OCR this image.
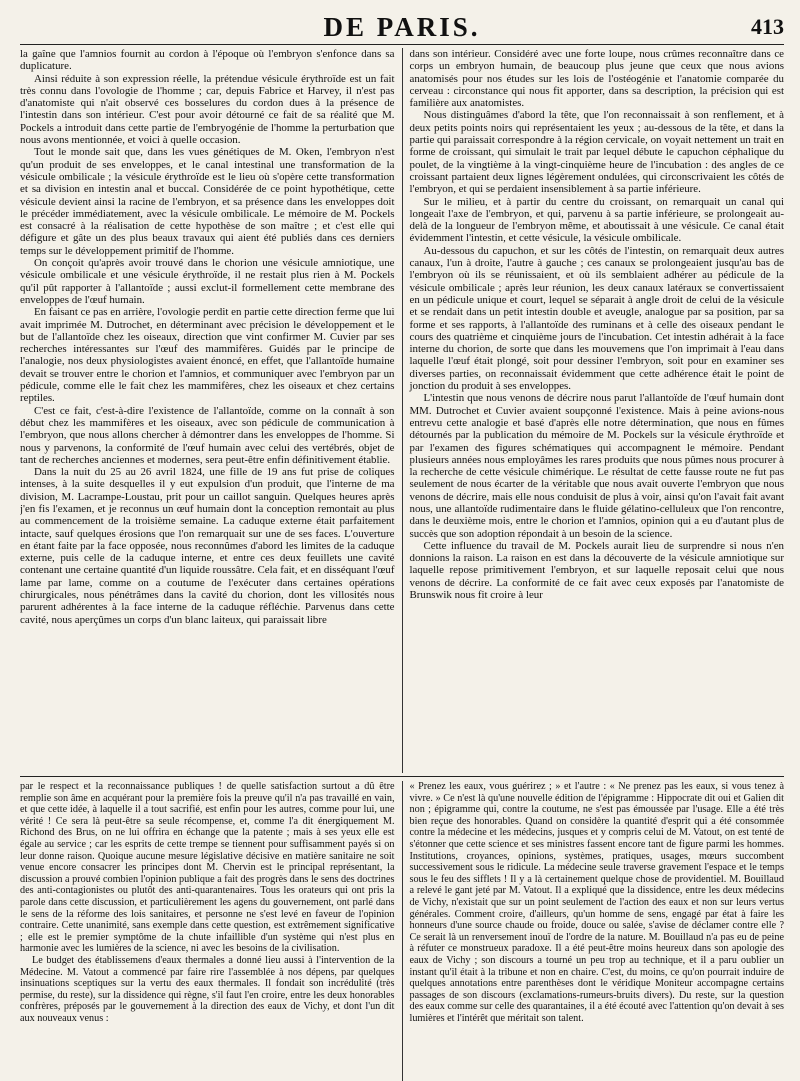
DE PARIS.	413

la gaîne que l'amnios fournit au cordon à l'époque où l'embryon s'enfonce dans sa duplicature.

Ainsi réduite à son expression réelle, la prétendue vésicule érythroïde est un fait très connu dans l'ovologie de l'homme ; car, depuis Fabrice et Harvey, il n'est pas d'anatomiste qui n'ait observé ces bosselures du cordon dues à la présence de l'intestin dans son intérieur. C'est pour avoir détourné ce fait de sa réalité que M. Pockels a introduit dans cette partie de l'embryogénie de l'homme la perturbation que nous avons mentionnée, et voici à quelle occasion.

Tout le monde sait que, dans les vues génétiques de M. Oken, l'embryon n'est qu'un produit de ses enveloppes, et le canal intestinal une transformation de la vésicule ombilicale ; la vésicule érythroïde est le lieu où s'opère cette transformation et sa division en intestin anal et buccal. Considérée de ce point hypothétique, cette vésicule devient ainsi la racine de l'embryon, et sa présence dans les enveloppes doit le précéder immédiatement, avec la vésicule ombilicale. Le mémoire de M. Pockels est consacré à la réalisation de cette hypothèse de son maître ; et c'est elle qui défigure et gâte un des plus beaux travaux qui aient été publiés dans ces derniers temps sur le développement primitif de l'homme.

On conçoit qu'après avoir trouvé dans le chorion une vésicule amniotique, une vésicule ombilicale et une vésicule érythroïde, il ne restait plus rien à M. Pockels qu'il pût rapporter à l'allantoïde ; aussi exclut-il formellement cette membrane des enveloppes de l'œuf humain.

En faisant ce pas en arrière, l'ovologie perdit en partie cette direction ferme que lui avait imprimée M. Dutrochet, en déterminant avec précision le développement et le but de l'allantoïde chez les oiseaux, direction que vint confirmer M. Cuvier par ses recherches intéressantes sur l'œuf des mammifères. Guidés par le principe de l'analogie, nos deux physiologistes avaient énoncé, en effet, que l'allantoïde humaine devait se trouver entre le chorion et l'amnios, et communiquer avec l'embryon par un pédicule, comme elle le fait chez les mammifères, chez les oiseaux et chez certains reptiles.

C'est ce fait, c'est-à-dire l'existence de l'allantoïde, comme on la connaît à son début chez les mammifères et les oiseaux, avec son pédicule de communication à l'embryon, que nous allons chercher à démontrer dans les enveloppes de l'homme. Si nous y parvenons, la conformité de l'œuf humain avec celui des vertébrés, objet de tant de recherches anciennes et modernes, sera peut-être enfin définitivement établie.

Dans la nuit du 25 au 26 avril 1824, une fille de 19 ans fut prise de coliques intenses, à la suite desquelles il y eut expulsion d'un produit, que l'interne de ma division, M. Lacrampe-Loustau, prit pour un caillot sanguin. Quelques heures après j'en fis l'examen, et je reconnus un œuf humain dont la conception remontait au plus au commencement de la troisième semaine. La caduque externe était parfaitement intacte, sauf quelques érosions que l'on remarquait sur une de ses faces. L'ouverture en étant faite par la face opposée, nous reconnûmes d'abord les limites de la caduque externe, puis celle de la caduque interne, et entre ces deux feuillets une cavité contenant une certaine quantité d'un liquide roussâtre. Cela fait, et en disséquant l'œuf lame par lame, comme on a coutume de l'exécuter dans certaines opérations chirurgicales, nous pénétrâmes dans la cavité du chorion, dont les villosités nous parurent adhérentes à la face interne de la caduque réfléchie. Parvenus dans cette cavité, nous aperçûmes un corps d'un blanc laiteux, qui paraissait libre

dans son intérieur. Considéré avec une forte loupe, nous crûmes reconnaître dans ce corps un embryon humain, de beaucoup plus jeune que ceux que nous avions anatomisés pour nos études sur les lois de l'ostéogénie et l'anatomie comparée du cerveau : circonstance qui nous fit apporter, dans sa description, la précision qui est familière aux anatomistes.

Nous distinguâmes d'abord la tête, que l'on reconnaissait à son renflement, et à deux petits points noirs qui représentaient les yeux ; au-dessous de la tête, et dans la partie qui paraissait correspondre à la région cervicale, on voyait nettement un trait en forme de croissant, qui simulait le trait par lequel débute le capuchon céphalique du poulet, de la vingtième à la vingt-cinquième heure de l'incubation : des angles de ce croissant partaient deux lignes légèrement ondulées, qui circonscrivaient les côtés de l'embryon, et qui se perdaient insensiblement à sa partie inférieure.

Sur le milieu, et à partir du centre du croissant, on remarquait un canal qui longeait l'axe de l'embryon, et qui, parvenu à sa partie inférieure, se prolongeait au-delà de la longueur de l'embryon même, et aboutissait à une vésicule. Ce canal était évidemment l'intestin, et cette vésicule, la vésicule ombilicale.

Au-dessous du capuchon, et sur les côtés de l'intestin, on remarquait deux autres canaux, l'un à droite, l'autre à gauche ; ces canaux se prolongeaient jusqu'au bas de l'embryon où ils se réunissaient, et où ils semblaient adhérer au pédicule de la vésicule ombilicale ; après leur réunion, les deux canaux latéraux se convertissaient en un pédicule unique et court, lequel se séparait à angle droit de celui de la vésicule et se rendait dans un petit intestin double et aveugle, analogue par sa position, par sa forme et ses rapports, à l'allantoïde des ruminans et à celle des oiseaux pendant le cours des quatrième et cinquième jours de l'incubation. Cet intestin adhérait à la face interne du chorion, de sorte que dans les mouvemens que l'on imprimait à l'eau dans laquelle l'œuf était plongé, soit pour dessiner l'embryon, soit pour en examiner ses diverses parties, on reconnaissait évidemment que cette adhérence était le point de jonction du produit à ses enveloppes.

L'intestin que nous venons de décrire nous parut l'allantoïde de l'œuf humain dont MM. Dutrochet et Cuvier avaient soupçonné l'existence. Mais à peine avions-nous entrevu cette analogie et basé d'après elle notre détermination, que nous en fûmes détournés par la publication du mémoire de M. Pockels sur la vésicule érythroïde et par l'examen des figures schématiques qui accompagnent le mémoire. Pendant plusieurs années nous employâmes les rares produits que nous pûmes nous procurer à la recherche de cette vésicule chimérique. Le résultat de cette fausse route ne fut pas seulement de nous écarter de la véritable que nous avait ouverte l'embryon que nous venons de décrire, mais elle nous conduisit de plus à voir, ainsi qu'on l'avait fait avant nous, une allantoïde rudimentaire dans le fluide gélatino-celluleux que l'on rencontre, dans le deuxième mois, entre le chorion et l'amnios, opinion qui a eu d'autant plus de succès que son adoption répondait à un besoin de la science.

Cette influence du travail de M. Pockels aurait lieu de surprendre si nous n'en donnions la raison. La raison en est dans la découverte de la vésicule amniotique sur laquelle repose primitivement l'embryon, et sur laquelle reposait celui que nous venons de décrire. La conformité de ce fait avec ceux exposés par l'anatomiste de Brunswik nous fit croire à leur

par le respect et la reconnaissance publiques ! de quelle satisfaction surtout a dû être remplie son âme en acquérant pour la première fois la preuve qu'il n'a pas travaillé en vain, et que cette idée, à laquelle il a tout sacrifié, est enfin pour les autres, comme pour lui, une vérité ! Ce sera là peut-être sa seule récompense, et, comme l'a dit énergiquement M. Richond des Brus, on ne lui offrira en échange que la patente ; mais à ses yeux elle est égale au service ; car les esprits de cette trempe se tiennent pour suffisamment payés si on leur donne raison. Quoique aucune mesure législative décisive en matière sanitaire ne soit venue encore consacrer les principes dont M. Chervin est le principal représentant, la discussion a prouvé combien l'opinion publique a fait des progrès dans le sens des doctrines des anti-contagionistes ou plutôt des anti-quarantenaires. Tous les orateurs qui ont pris la parole dans cette discussion, et particulièrement les agens du gouvernement, ont parlé dans le sens de la réforme des lois sanitaires, et personne ne s'est levé en faveur de l'opinion contraire. Cette unanimité, sans exemple dans cette question, est extrêmement significative ; elle est le premier symptôme de la chute infaillible d'un système qui n'est plus en harmonie avec les lumières de la science, ni avec les besoins de la civilisation.

Le budget des établissemens d'eaux thermales a donné lieu aussi à l'intervention de la Médecine. M. Vatout a commencé par faire rire l'assemblée à nos dépens, par quelques insinuations sceptiques sur la vertu des eaux thermales. Il fondait son incrédulité (très permise, du reste), sur la dissidence qui règne, s'il faut l'en croire, entre les deux honorables confrères, préposés par le gouvernement à la direction des eaux de Vichy, et dont l'un dit aux nouveaux venus :

« Prenez les eaux, vous guérirez ; » et l'autre : « Ne prenez pas les eaux, si vous tenez à vivre. » Ce n'est là qu'une nouvelle édition de l'épigramme : Hippocrate dit oui et Galien dit non ; épigramme qui, contre la coutume, ne s'est pas émoussée par l'usage. Elle a été très bien reçue des honorables. Quand on considère la quantité d'esprit qui a été consommée contre la médecine et les médecins, jusques et y compris celui de M. Vatout, on est tenté de s'étonner que cette science et ses ministres fassent encore tant de figure parmi les hommes. Institutions, croyances, opinions, systèmes, pratiques, usages, mœurs succombent successivement sous le ridicule. La médecine seule traverse gravement l'espace et le temps sous le feu des sifflets ! Il y a là certainement quelque chose de providentiel. M. Bouillaud a relevé le gant jeté par M. Vatout. Il a expliqué que la dissidence, entre les deux médecins de Vichy, n'existait que sur un point seulement de l'action des eaux et non sur leurs vertus générales. Comment croire, d'ailleurs, qu'un homme de sens, engagé par état à faire les honneurs d'une source chaude ou froide, douce ou salée, s'avise de déclamer contre elle ? Ce serait là un renversement inouï de l'ordre de la nature. M. Bouillaud n'a pas eu de peine à réfuter ce monstrueux paradoxe. Il a été peut-être moins heureux dans son apologie des eaux de Vichy ; son discours a tourné un peu trop au technique, et il a paru oublier un instant qu'il était à la tribune et non en chaire. C'est, du moins, ce qu'on pourrait induire de quelques annotations entre parenthèses dont le véridique Moniteur accompagne certains passages de son discours (exclamations-rumeurs-bruits divers). Du reste, sur la question des eaux comme sur celle des quarantaines, il a été écouté avec l'attention qu'on devait à ses lumières et l'intérêt que méritait son talent.
